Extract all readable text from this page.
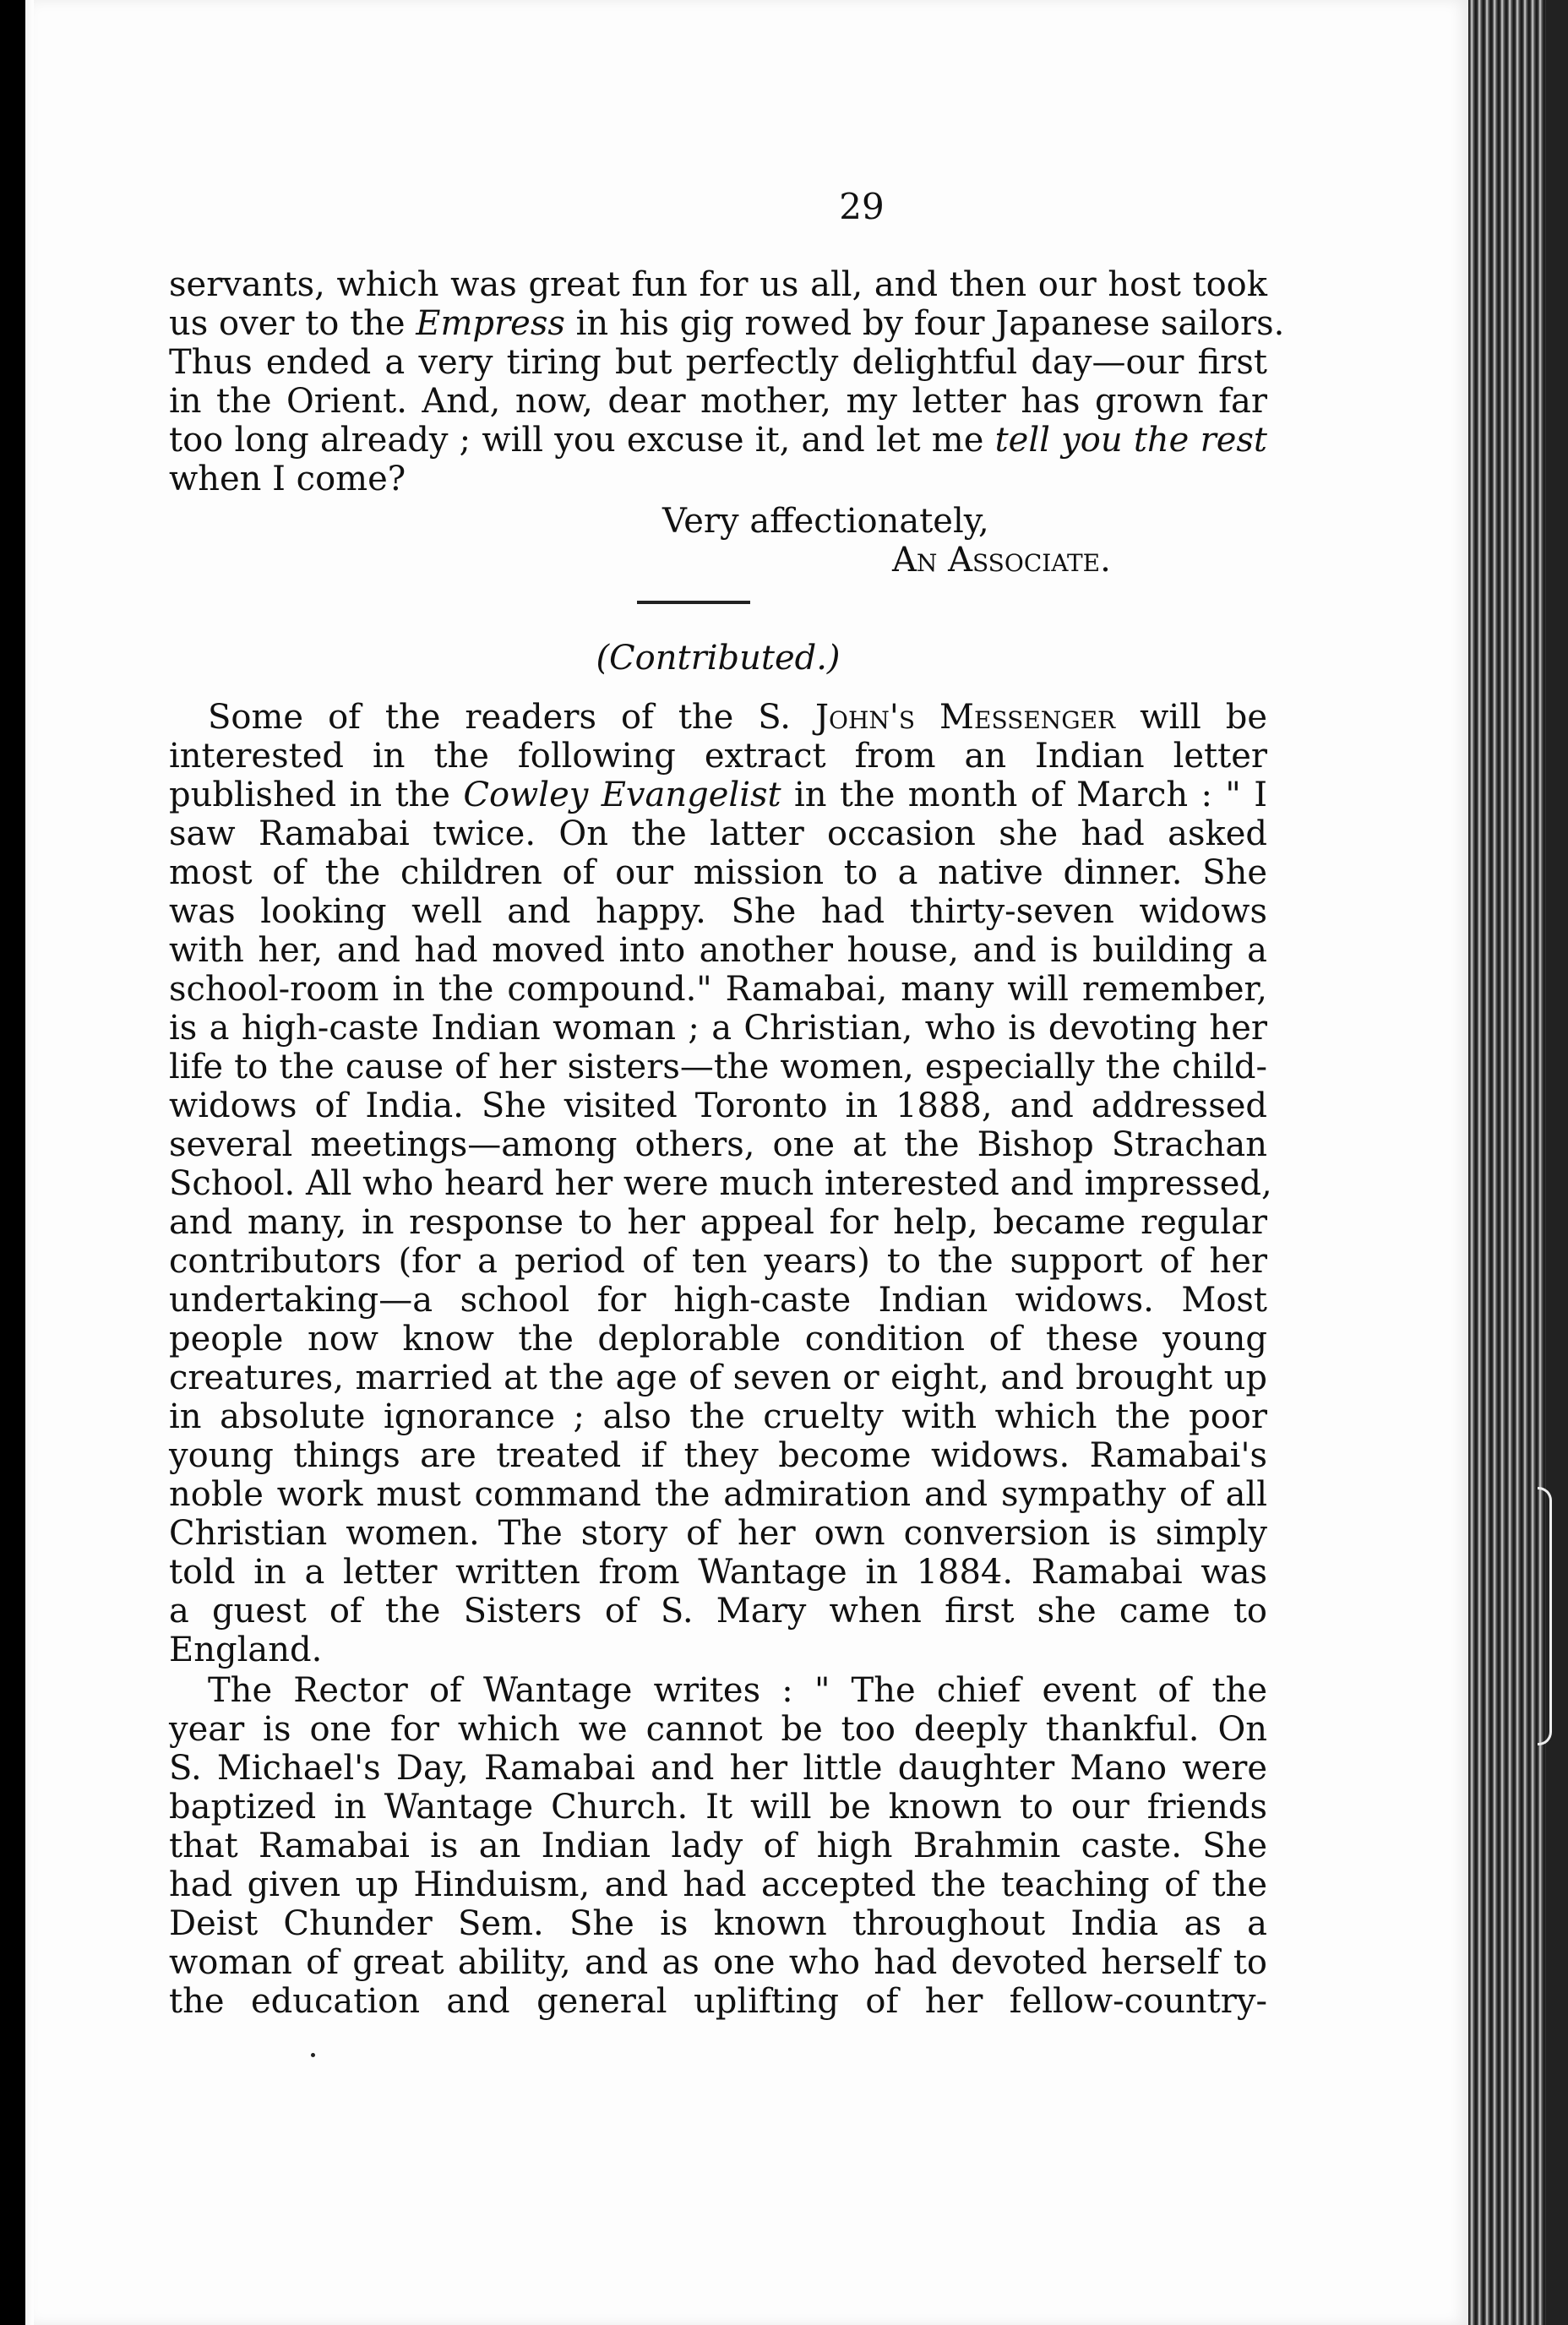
29
servants, which was great fun for us all, and then our host took
us over to the Empress in his gig rowed by four Japanese sailors.
Thus ended a very tiring but perfectly delightful day—our first
in the Orient. And, now, dear mother, my letter has grown far
too long already ; will you excuse it, and let me tell you the rest
when I come?
Very affectionately,
An Associate.
(Contributed.)
Some of the readers of the S. John's Messenger will be
interested in the following extract from an Indian letter
published in the Cowley Evangelist in the month of March : " I
saw Ramabai twice. On the latter occasion she had asked
most of the children of our mission to a native dinner. She
was looking well and happy. She had thirty-seven widows
with her, and had moved into another house, and is building a
school-room in the compound." Ramabai, many will remember,
is a high-caste Indian woman ; a Christian, who is devoting her
life to the cause of her sisters—the women, especially the child-
widows of India. She visited Toronto in 1888, and addressed
several meetings—among others, one at the Bishop Strachan
School. All who heard her were much interested and impressed,
and many, in response to her appeal for help, became regular
contributors (for a period of ten years) to the support of her
undertaking—a school for high-caste Indian widows. Most
people now know the deplorable condition of these young
creatures, married at the age of seven or eight, and brought up
in absolute ignorance ; also the cruelty with which the poor
young things are treated if they become widows. Ramabai's
noble work must command the admiration and sympathy of all
Christian women. The story of her own conversion is simply
told in a letter written from Wantage in 1884. Ramabai was
a guest of the Sisters of S. Mary when first she came to
England.
The Rector of Wantage writes : " The chief event of the
year is one for which we cannot be too deeply thankful. On
S. Michael's Day, Ramabai and her little daughter Mano were
baptized in Wantage Church. It will be known to our friends
that Ramabai is an Indian lady of high Brahmin caste. She
had given up Hinduism, and had accepted the teaching of the
Deist Chunder Sem. She is known throughout India as a
woman of great ability, and as one who had devoted herself to
the education and general uplifting of her fellow-country-
